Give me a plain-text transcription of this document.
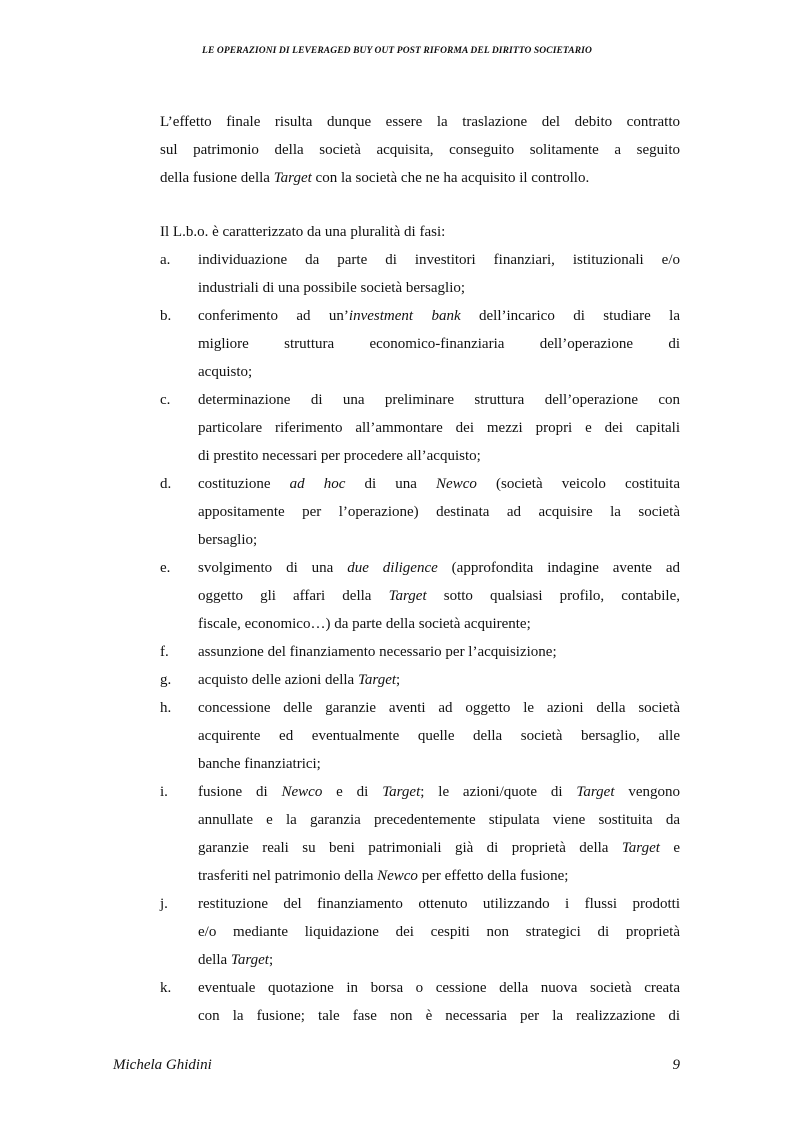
LE OPERAZIONI DI LEVERAGED BUY OUT POST RIFORMA DEL DIRITTO SOCIETARIO
L’effetto finale risulta dunque essere la traslazione del debito contratto
sul patrimonio della società acquisita, conseguito solitamente a seguito
della fusione della Target con la società che ne ha acquisito il controllo.
Il L.b.o. è caratterizzato da una pluralità di fasi:
a.	individuazione da parte di investitori finanziari, istituzionali e/o
industriali di una possibile società bersaglio;
b.	conferimento ad un’investment bank dell’incarico di studiare la
migliore struttura economico-finanziaria dell’operazione di
acquisto;
c.	determinazione di una preliminare struttura dell’operazione con
particolare riferimento all’ammontare dei mezzi propri e dei capitali
di prestito necessari per procedere all’acquisto;
d.	costituzione ad hoc di una Newco (società veicolo costituita
appositamente per l’operazione) destinata ad acquisire la società
bersaglio;
e.	svolgimento di una due diligence (approfondita indagine avente ad
oggetto gli affari della Target sotto qualsiasi profilo, contabile,
fiscale, economico…) da parte della società acquirente;
f.	assunzione del finanziamento necessario per l’acquisizione;
g.	acquisto delle azioni della Target;
h.	concessione delle garanzie aventi ad oggetto le azioni della società
acquirente ed eventualmente quelle della società bersaglio, alle
banche finanziatrici;
i.	fusione di Newco e di Target; le azioni/quote di Target vengono
annullate e la garanzia precedentemente stipulata viene sostituita da
garanzie reali su beni patrimoniali già di proprietà della Target e
trasferiti nel patrimonio della Newco per effetto della fusione;
j.	restituzione del finanziamento ottenuto utilizzando i flussi prodotti
e/o mediante liquidazione dei cespiti non strategici di proprietà
della Target;
k.	eventuale quotazione in borsa o cessione della nuova società creata
con la fusione; tale fase non è necessaria per la realizzazione di
Michela Ghidini	9
